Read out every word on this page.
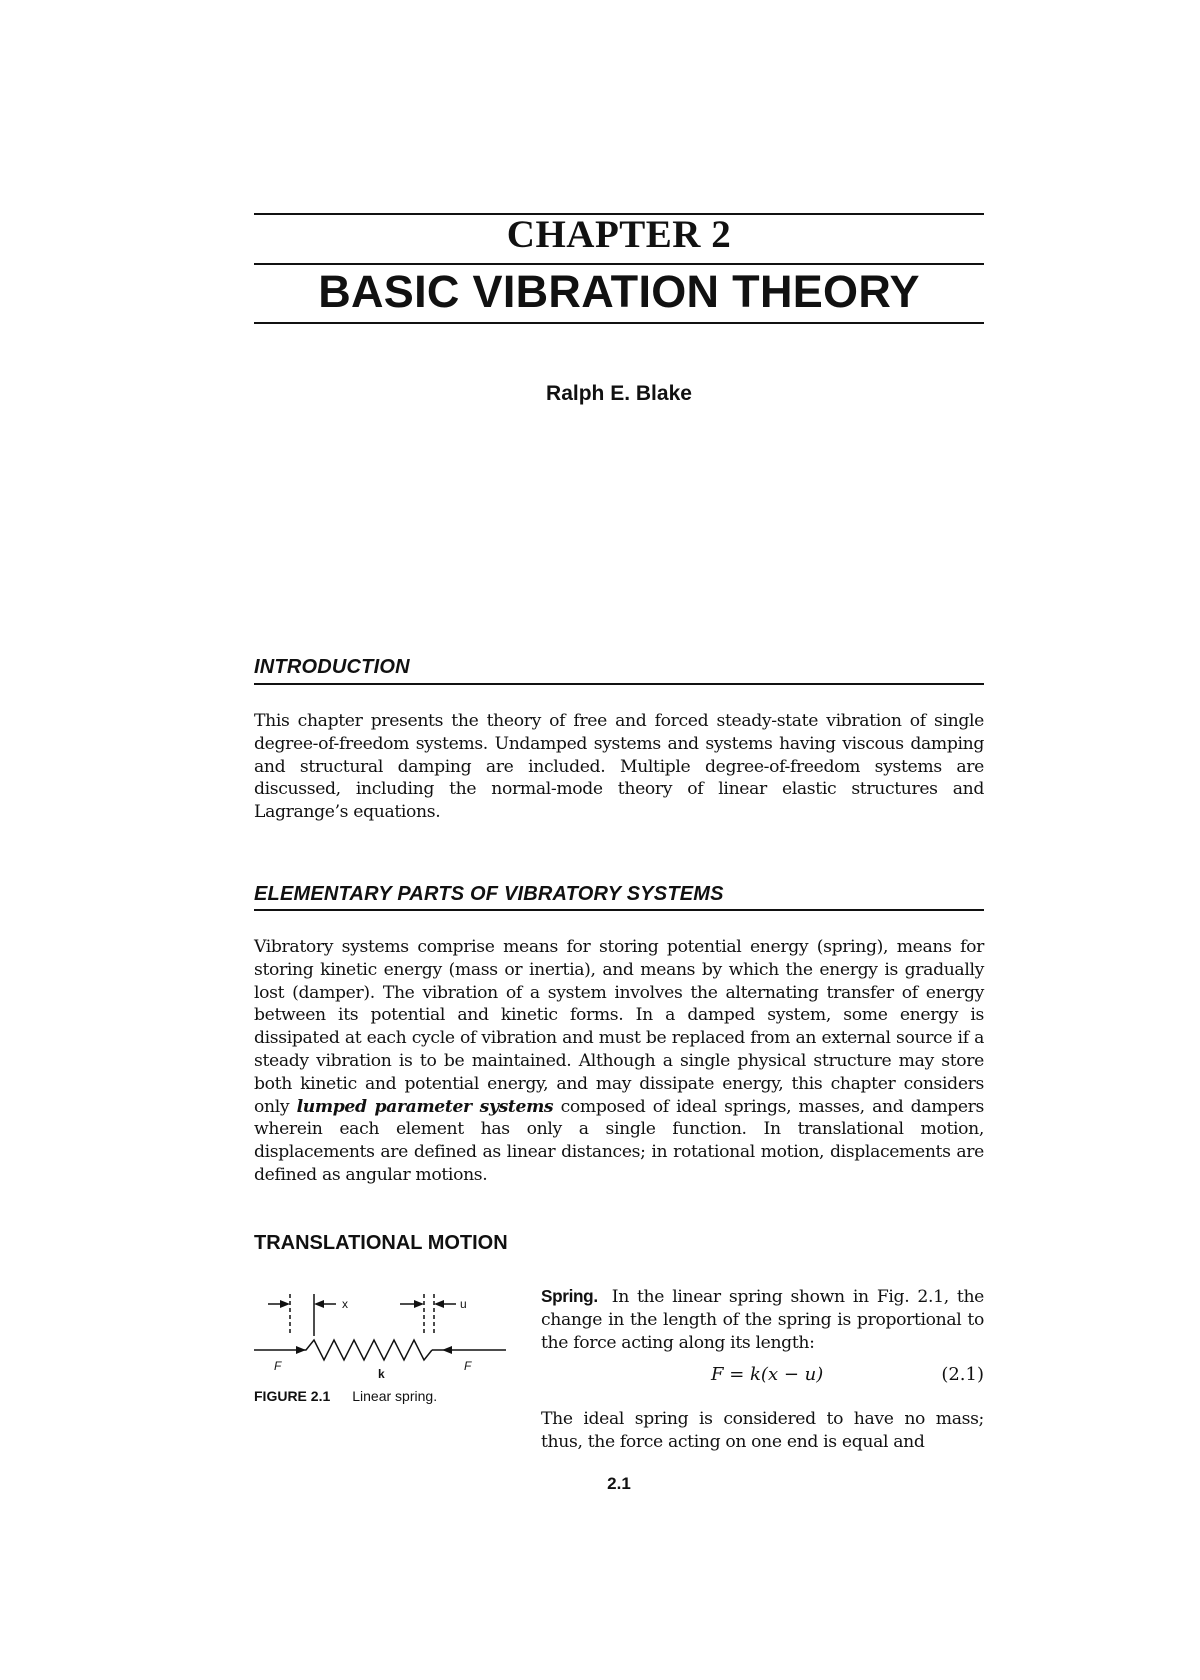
CHAPTER 2
BASIC VIBRATION THEORY
Ralph E. Blake
INTRODUCTION

This chapter presents the theory of free and forced steady-state vibration of single degree-of-freedom systems. Undamped systems and systems having viscous damping and structural damping are included. Multiple degree-of-freedom systems are discussed, including the normal-mode theory of linear elastic structures and Lagrange’s equations.

ELEMENTARY PARTS OF VIBRATORY SYSTEMS

Vibratory systems comprise means for storing potential energy (spring), means for storing kinetic energy (mass or inertia), and means by which the energy is gradually lost (damper). The vibration of a system involves the alternating transfer of energy between its potential and kinetic forms. In a damped system, some energy is dissipated at each cycle of vibration and must be replaced from an external source if a steady vibration is to be maintained. Although a single physical structure may store both kinetic and potential energy, and may dissipate energy, this chapter considers only lumped parameter systems composed of ideal springs, masses, and dampers wherein each element has only a single function. In translational motion, displacements are defined as linear distances; in rotational motion, displacements are defined as angular motions.

TRANSLATIONAL MOTION
x	u
F	F
k
FIGURE 2.1 Linear spring.

Spring. In the linear spring shown in Fig. 2.1, the change in the length of the spring is proportional to the force acting along its length:

F = k(x − u)	(2.1)

The ideal spring is considered to have no mass; thus, the force acting on one end is equal and

2.1
